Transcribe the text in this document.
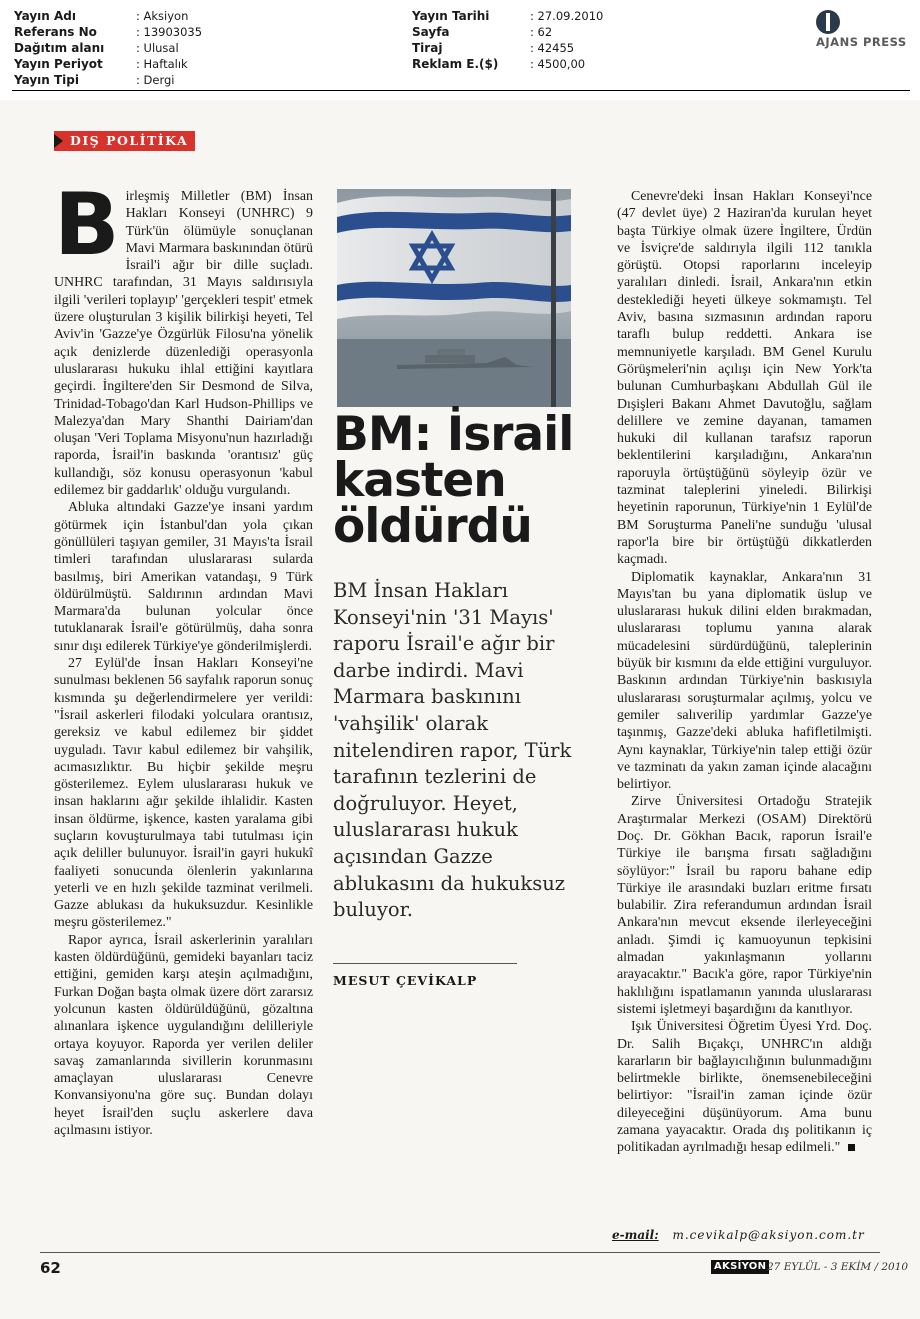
Yayın Adı	: Aksiyon
Referans No	: 13903035
Dağıtım alanı	: Ulusal
Yayın Periyot	: Haftalık
Yayın Tipi	: Dergi
Yayın Tarihi	: 27.09.2010
Sayfa	: 62
Tiraj	: 42455
Reklam E.($)	: 4500,00
AJANS PRESS
DIŞ POLİTİKA

Birleşmiş Milletler (BM) İnsan Hakları Konseyi (UNHRC) 9 Türk'ün ölümüyle sonuçlanan Mavi Marmara baskınından ötürü İsrail'i ağır bir dille suçladı. UNHRC tarafından, 31 Mayıs saldırısıyla ilgili 'verileri toplayıp' 'gerçekleri tespit' etmek üzere oluşturulan 3 kişilik bilirkişi heyeti, Tel Aviv'in 'Gazze'ye Özgürlük Filosu'na yönelik açık denizlerde düzenlediği operasyonla uluslararası hukuku ihlal ettiğini kayıtlara geçirdi. İngiltere'den Sir Desmond de Silva, Trinidad-Tobago'dan Karl Hudson-Phillips ve Malezya'dan Mary Shanthi Dairiam'dan oluşan 'Veri Toplama Misyonu'nun hazırladığı raporda, İsrail'in baskında 'orantısız' güç kullandığı, söz konusu operasyonun 'kabul edilemez bir gaddarlık' olduğu vurgulandı.

Abluka altındaki Gazze'ye insani yardım götürmek için İstanbul'dan yola çıkan gönüllüleri taşıyan gemiler, 31 Mayıs'ta İsrail timleri tarafından uluslararası sularda basılmış, biri Amerikan vatandaşı, 9 Türk öldürülmüştü. Saldırının ardından Mavi Marmara'da bulunan yolcular önce tutuklanarak İsrail'e götürülmüş, daha sonra sınır dışı edilerek Türkiye'ye gönderilmişlerdi.

27 Eylül'de İnsan Hakları Konseyi'ne sunulması beklenen 56 sayfalık raporun sonuç kısmında şu değerlendirmelere yer verildi: "İsrail askerleri filodaki yolculara orantısız, gereksiz ve kabul edilemez bir şiddet uyguladı. Tavır kabul edilemez bir vahşilik, acımasızlıktır. Bu hiçbir şekilde meşru gösterilemez. Eylem uluslararası hukuk ve insan haklarını ağır şekilde ihlalidir. Kasten insan öldürme, işkence, kasten yaralama gibi suçların kovuşturulmaya tabi tutulması için açık deliller bulunuyor. İsrail'in gayri hukukî faaliyeti sonucunda ölenlerin yakınlarına yeterli ve en hızlı şekilde tazminat verilmeli. Gazze ablukası da hukuksuzdur. Kesinlikle meşru gösterilemez."

Rapor ayrıca, İsrail askerlerinin yaralıları kasten öldürdüğünü, gemidekі bayanları taciz ettiğini, gemiden karşı ateşin açılmadığını, Furkan Doğan başta olmak üzere dört zararsız yolcunun kasten öldürüldüğünü, gözaltına alınanlara işkence uygulandığını delilleriyle ortaya koyuyor. Raporda yer verilen deliler savaş zamanlarında sivillerin korunmasını amaçlayan uluslararası Cenevre Konvansiyonu'na göre suç. Bundan dolayı heyet İsrail'den suçlu askerlere dava açılmasını istiyor.

BM: İsrail
kasten
öldürdü
BM İnsan Hakları Konseyi'nin '31 Mayıs' raporu İsrail'e ağır bir darbe indirdi. Mavi Marmara baskınını 'vahşilik' olarak nitelendiren rapor, Türk tarafının tezlerini de doğruluyor. Heyet, uluslararası hukuk açısından Gazze ablukasını da hukuksuz buluyor.
MESUT ÇEVİKALP

Cenevre'deki İnsan Hakları Konseyi'nce (47 devlet üye) 2 Haziran'da kurulan heyet başta Türkiye olmak üzere İngiltere, Ürdün ve İsviçre'de saldırıyla ilgili 112 tanıkla görüştü. Otopsi raporlarını inceleyip yaralıları dinledi. İsrail, Ankara'nın etkin desteklediği heyeti ülkeye sokmamıştı. Tel Aviv, basına sızmasının ardından raporu taraflı bulup reddetti. Ankara ise memnuniyetle karşıladı. BM Genel Kurulu Görüşmeleri'nin açılışı için New York'ta bulunan Cumhurbaşkanı Abdullah Gül ile Dışişleri Bakanı Ahmet Davutoğlu, sağlam delillere ve zemine dayanan, tamamen hukuki dil kullanan tarafsız raporun beklentilerini karşıladığını, Ankara'nın raporuyla örtüştüğünü söyleyip özür ve tazminat taleplerini yineledi. Bilirkişi heyetinin raporunun, Türkiye'nin 1 Eylül'de BM Soruşturma Paneli'ne sunduğu 'ulusal rapor'la bire bir örtüştüğü dikkatlerden kaçmadı.

Diplomatik kaynaklar, Ankara'nın 31 Mayıs'tan bu yana diplomatik üslup ve uluslararası hukuk dilini elden bırakmadan, uluslararası toplumu yanına alarak mücadelesini sürdürdüğünü, taleplerinin büyük bir kısmını da elde ettiğini vurguluyor. Baskının ardından Türkiye'nin baskısıyla uluslararası soruşturmalar açılmış, yolcu ve gemiler salıverilip yardımlar Gazze'ye taşınmış, Gazze'deki abluka hafifletilmişti. Aynı kaynaklar, Türkiye'nin talep ettiği özür ve tazminatı da yakın zaman içinde alacağını belirtiyor.

Zirve Üniversitesi Ortadoğu Stratejik Araştırmalar Merkezi (OSAM) Direktörü Doç. Dr. Gökhan Bacık, raporun İsrail'e Türkiye ile barışma fırsatı sağladığını söylüyor:" İsrail bu raporu bahane edip Türkiye ile arasındaki buzları eritme fırsatı bulabilir. Zira referandumun ardından İsrail Ankara'nın mevcut eksende ilerleyeceğini anladı. Şimdi iç kamuoyunun tepkisini almadan yakınlaşmanın yollarını arayacaktır." Bacık'a göre, rapor Türkiye'nin haklılığını ispatlamanın yanında uluslararası sistemi işletmeyi başardığını da kanıtlıyor.

Işık Üniversitesi Öğretim Üyesi Yrd. Doç. Dr. Salih Bıçakçı, UNHRC'ın aldığı kararların bir bağlayıcılığının bulunmadığını belirtmekle birlikte, önemsenebileceğini belirtiyor: "İsrail'in zaman içinde özür dileyeceğini düşünüyorum. Ama bunu zamana yayacaktır. Orada dış politikanın iç politikadan ayrılmadığı hesap edilmeli."

e-mail: m.cevikalp@aksiyon.com.tr
62	AKSİYON 27 EYLÜL - 3 EKİM / 2010
